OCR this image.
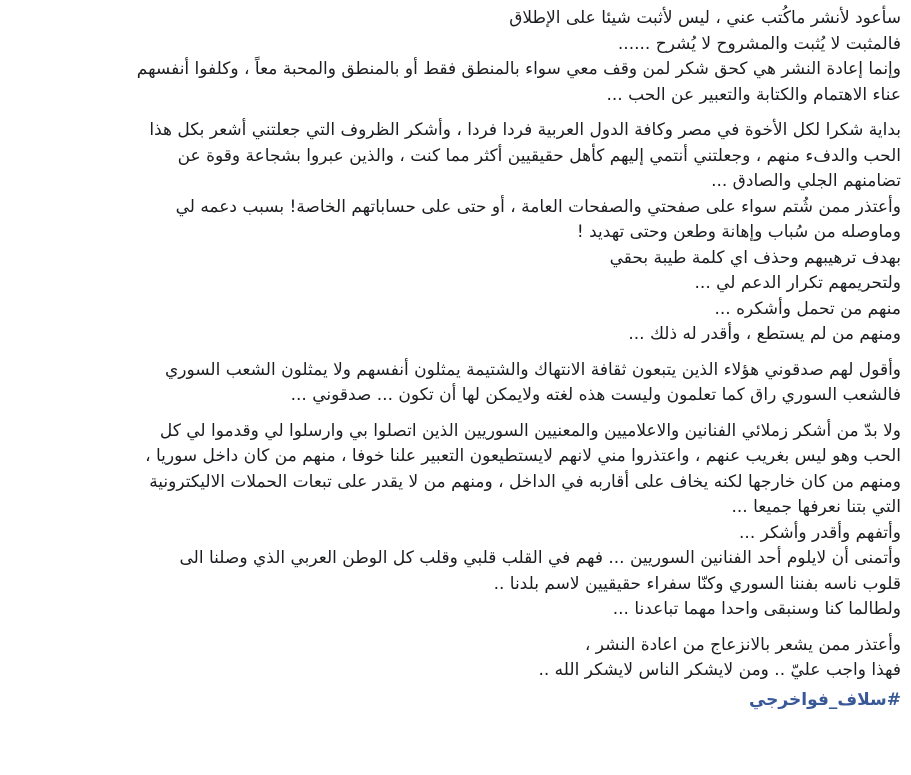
سأعود لأنشر ماكُتب عني ، ليس لأثبت شيئا على الإطلاق
فالمثبت لا يُثبت والمشروح لا يُشرح ......
وإنما إعادة النشر هي كحق شكر لمن وقف معي سواء بالمنطق فقط أو بالمنطق والمحبة معاً ، وكلفوا أنفسهم
عناء الاهتمام والكتابة والتعبير عن الحب ...
بداية شكرا لكل الأخوة في مصر وكافة الدول العربية فردا فردا ، وأشكر الظروف التي جعلتني أشعر بكل هذا
الحب والدفء منهم ، وجعلتني أنتمي إليهم كأهل حقيقيين أكثر مما كنت ، والذين عبروا بشجاعة وقوة عن
تضامنهم الجلي والصادق ...
وأعتذر ممن شُتم سواء على صفحتي والصفحات العامة ، أو حتى على حساباتهم الخاصة! بسبب دعمه لي
وماوصله من سُباب وإهانة وطعن وحتى تهديد !
بهدف ترهيبهم وحذف اي كلمة طيبة بحقي
ولتحريمهم تكرار الدعم لي ...
منهم من تحمل وأشكره ...
ومنهم من لم يستطع ، وأقدر له ذلك ...
وأقول لهم صدقوني هؤلاء الذين يتبعون ثقافة الانتهاك والشتيمة يمثلون أنفسهم ولا يمثلون الشعب السوري
فالشعب السوري راق كما تعلمون وليست هذه لغته ولايمكن لها أن تكون ... صدقوني ...
ولا بدّ من أشكر زملائي الفنانين والاعلاميين والمعنيين السوريين الذين اتصلوا بي وارسلوا لي وقدموا لي كل
الحب وهو ليس بغريب عنهم ، واعتذروا مني لانهم لايستطيعون التعبير علنا خوفا ، منهم من كان داخل سوريا ،
ومنهم من كان خارجها لكنه يخاف على أقاربه في الداخل ، ومنهم من لا يقدر على تبعات الحملات الاليكترونية
التي بتنا نعرفها جميعا ...
وأتفهم وأقدر وأشكر ...
وأتمنى أن لايلوم أحد الفنانين السوريين ... فهم في القلب قلبي وقلب كل الوطن العربي الذي وصلنا الى
قلوب ناسه بفننا السوري وكنّا سفراء حقيقيين لاسم بلدنا ..
ولطالما كنا وسنبقى واحدا مهما تباعدنا ...
وأعتذر ممن يشعر بالانزعاج من اعادة النشر ،
فهذا واجب عليّ .. ومن لايشكر الناس لايشكر الله ..
#سلاف_فواخرجي
